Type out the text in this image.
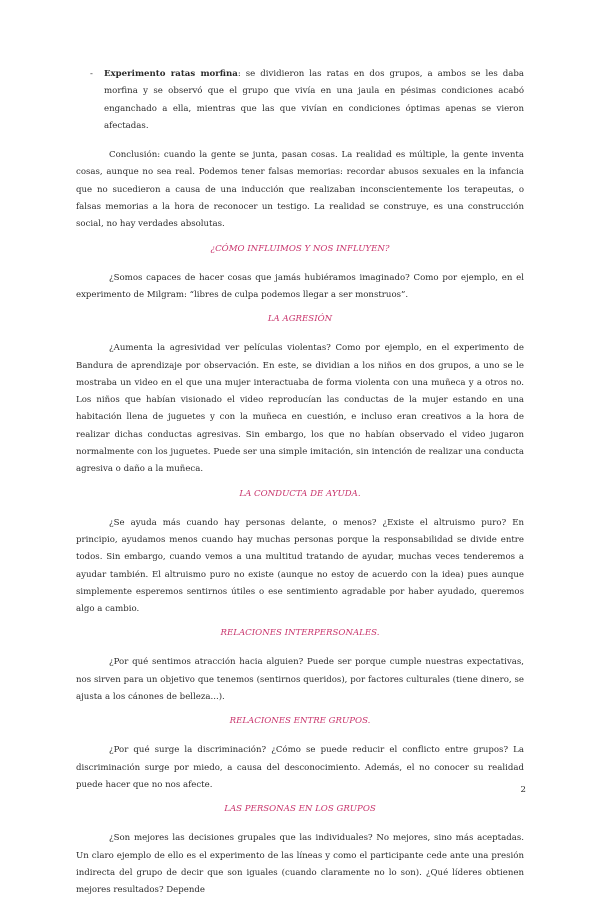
-	Experimento ratas morfina: se dividieron las ratas en dos grupos, a ambos se les daba morfina y se observó que el grupo que vivía en una jaula en pésimas condiciones acabó enganchado a ella, mientras que las que vivían en condiciones óptimas apenas se vieron afectadas.

Conclusión: cuando la gente se junta, pasan cosas. La realidad es múltiple, la gente inventa cosas, aunque no sea real. Podemos tener falsas memorias: recordar abusos sexuales en la infancia que no sucedieron a causa de una inducción que realizaban inconscientemente los terapeutas, o falsas memorias a la hora de reconocer un testigo. La realidad se construye, es una construcción social, no hay verdades absolutas.

¿CÓMO INFLUIMOS Y NOS INFLUYEN?

¿Somos capaces de hacer cosas que jamás hubiéramos imaginado? Como por ejemplo, en el experimento de Milgram: “libres de culpa podemos llegar a ser monstruos”.

LA AGRESIÓN

¿Aumenta la agresividad ver películas violentas? Como por ejemplo, en el experimento de Bandura de aprendizaje por observación. En este, se dividian a los niños en dos grupos, a uno se le mostraba un video en el que una mujer interactuaba de forma violenta con una muñeca y a otros no. Los niños que habían visionado el video reproducían las conductas de la mujer estando en una habitación llena de juguetes y con la muñeca en cuestión, e incluso eran creativos a la hora de realizar dichas conductas agresivas. Sin embargo, los que no habían observado el video jugaron normalmente con los juguetes. Puede ser una simple imitación, sin intención de realizar una conducta agresiva o daño a la muñeca.

LA CONDUCTA DE AYUDA.

¿Se ayuda más cuando hay personas delante, o menos? ¿Existe el altruismo puro? En principio, ayudamos menos cuando hay muchas personas porque la responsabilidad se divide entre todos. Sin embargo, cuando vemos a una multitud tratando de ayudar, muchas veces tenderemos a ayudar también. El altruismo puro no existe (aunque no estoy de acuerdo con la idea) pues aunque simplemente esperemos sentirnos útiles o ese sentimiento agradable por haber ayudado, queremos algo a cambio.

RELACIONES INTERPERSONALES.

¿Por qué sentimos atracción hacia alguien? Puede ser porque cumple nuestras expectativas, nos sirven para un objetivo que tenemos (sentirnos queridos), por factores culturales (tiene dinero, se ajusta a los cánones de belleza...).

RELACIONES ENTRE GRUPOS.

¿Por qué surge la discriminación? ¿Cómo se puede reducir el conflicto entre grupos? La discriminación surge por miedo, a causa del desconocimiento. Además, el no conocer su realidad puede hacer que no nos afecte.

LAS PERSONAS EN LOS GRUPOS

¿Son mejores las decisiones grupales que las individuales? No mejores, sino más aceptadas. Un claro ejemplo de ello es el experimento de las líneas y como el participante cede ante una presión indirecta del grupo de decir que son iguales (cuando claramente no lo son). ¿Qué líderes obtienen mejores resultados? Depende

2
